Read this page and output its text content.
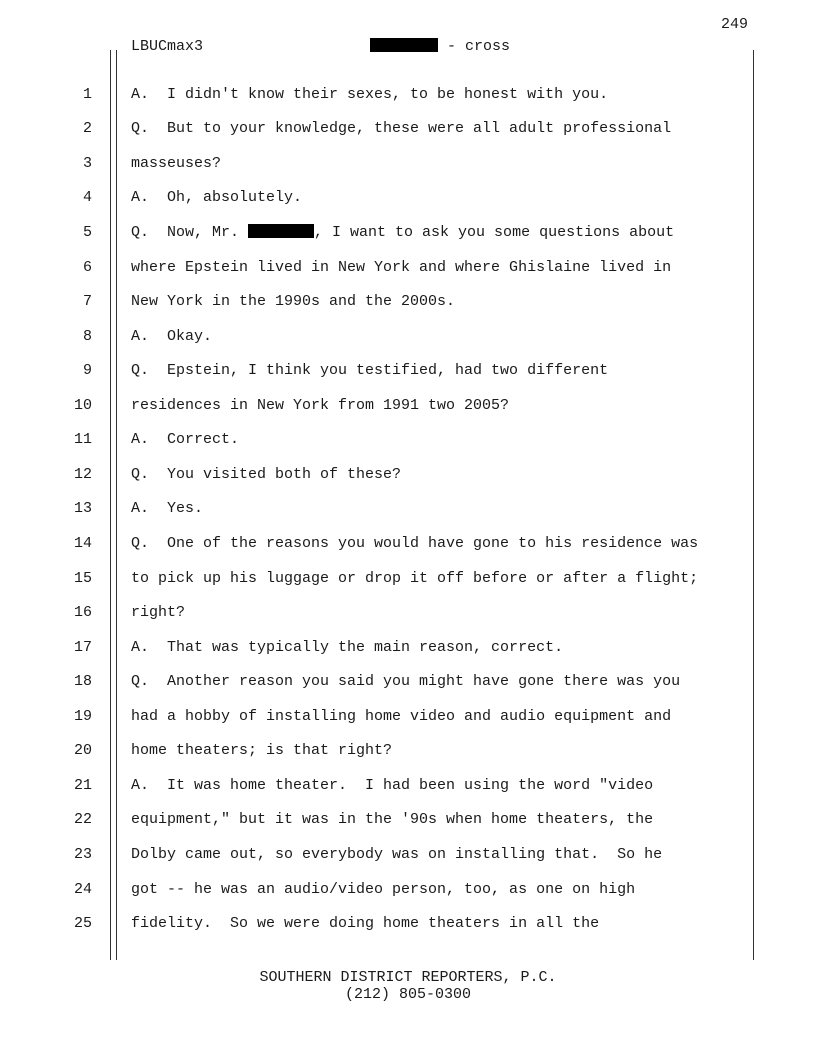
249
LBUCmax3	- cross
1	A.  I didn't know their sexes, to be honest with you.
2	Q.  But to your knowledge, these were all adult professional
3	masseuses?
4	A.  Oh, absolutely.
5	Q.  Now, Mr.	, I want to ask you some questions about
6	where Epstein lived in New York and where Ghislaine lived in
7	New York in the 1990s and the 2000s.
8	A.  Okay.
9	Q.  Epstein, I think you testified, had two different
10	residences in New York from 1991 two 2005?
11	A.  Correct.
12	Q.  You visited both of these?
13	A.  Yes.
14	Q.  One of the reasons you would have gone to his residence was
15	to pick up his luggage or drop it off before or after a flight;
16	right?
17	A.  That was typically the main reason, correct.
18	Q.  Another reason you said you might have gone there was you
19	had a hobby of installing home video and audio equipment and
20	home theaters; is that right?
21	A.  It was home theater.  I had been using the word "video
22	equipment," but it was in the '90s when home theaters, the
23	Dolby came out, so everybody was on installing that.  So he
24	got -- he was an audio/video person, too, as one on high
25	fidelity.  So we were doing home theaters in all the
SOUTHERN DISTRICT REPORTERS, P.C.
(212) 805-0300
